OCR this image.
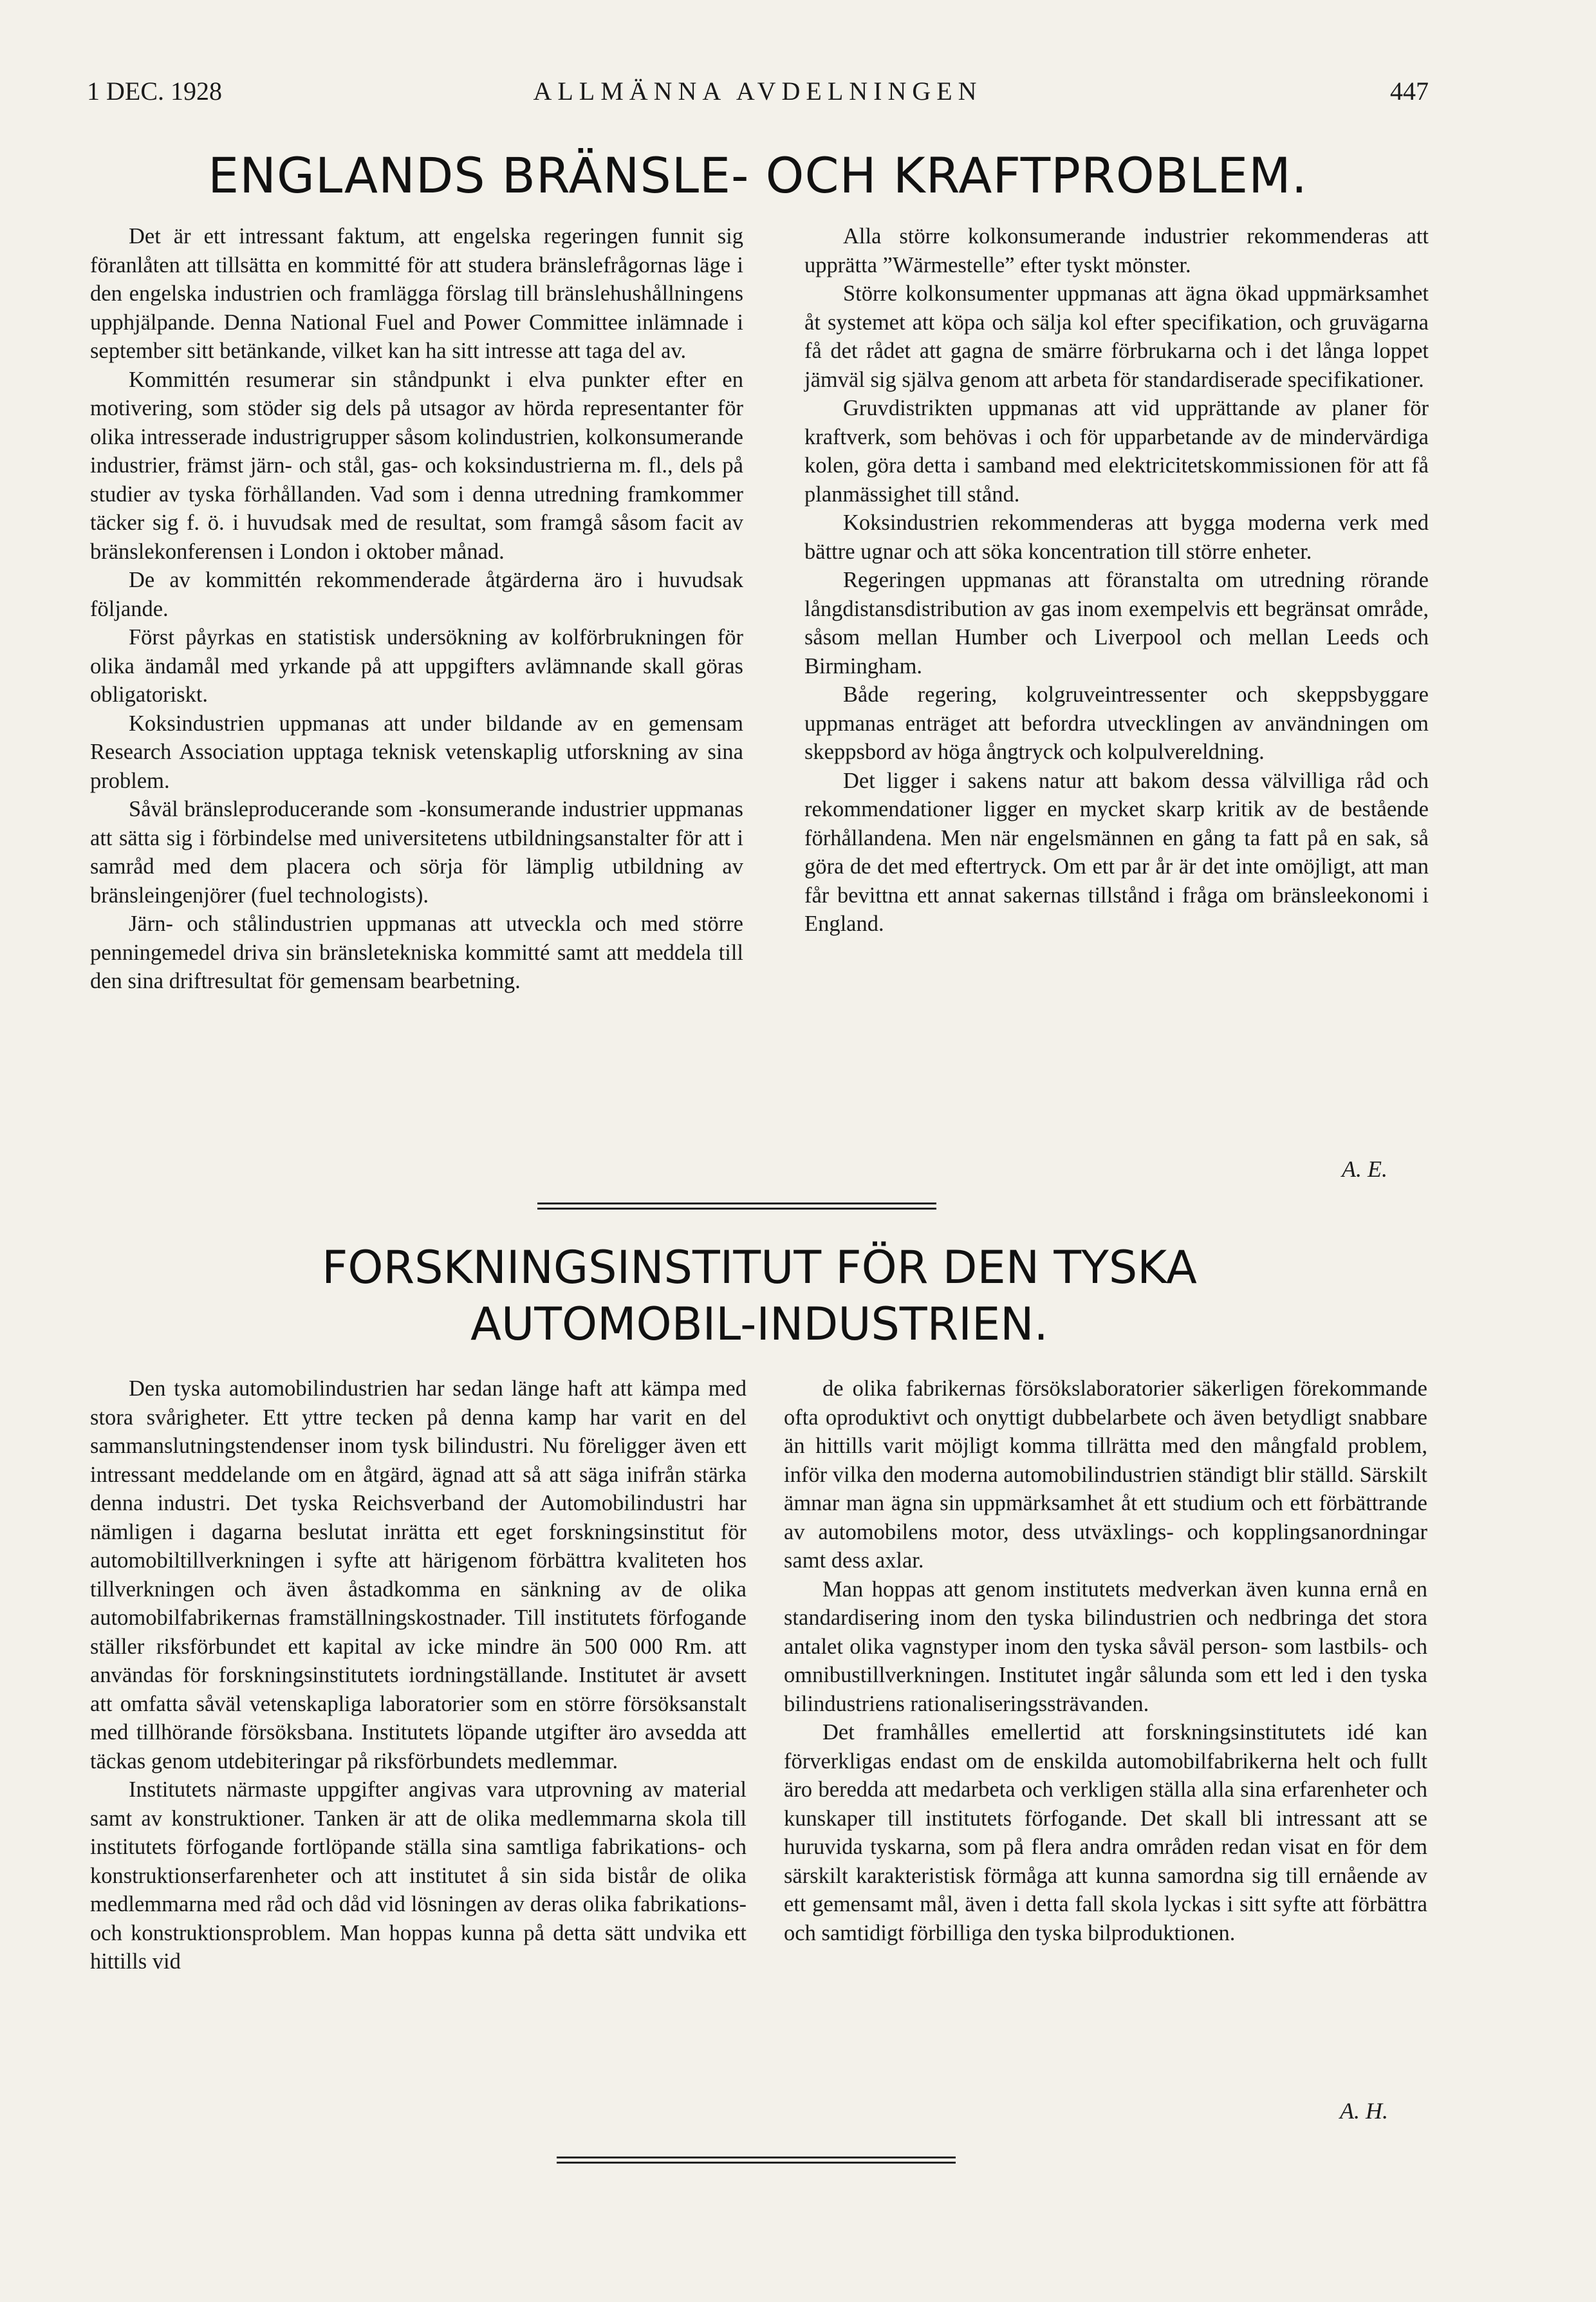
1 DEC. 1928	ALLMÄNNA AVDELNINGEN	447
ENGLANDS BRÄNSLE- OCH KRAFTPROBLEM.

Det är ett intressant faktum, att engelska regeringen funnit sig föranlåten att tillsätta en kommitté för att studera bränslefrågornas läge i den engelska industrien och framlägga förslag till bränslehushållningens upphjälpande. Denna National Fuel and Power Committee inlämnade i september sitt betänkande, vilket kan ha sitt intresse att taga del av.

Kommittén resumerar sin ståndpunkt i elva punkter efter en motivering, som stöder sig dels på utsagor av hörda representanter för olika intresserade industrigrupper såsom kolindustrien, kolkonsumerande industrier, främst järn- och stål, gas- och koksindustrierna m. fl., dels på studier av tyska förhållanden. Vad som i denna utredning framkommer täcker sig f. ö. i huvudsak med de resultat, som framgå såsom facit av bränslekonferensen i London i oktober månad.

De av kommittén rekommenderade åtgärderna äro i huvudsak följande.

Först påyrkas en statistisk undersökning av kolförbrukningen för olika ändamål med yrkande på att uppgifters avlämnande skall göras obligatoriskt.

Koksindustrien uppmanas att under bildande av en gemensam Research Association upptaga teknisk vetenskaplig utforskning av sina problem.

Såväl bränsleproducerande som -konsumerande industrier uppmanas att sätta sig i förbindelse med universitetens utbildningsanstalter för att i samråd med dem placera och sörja för lämplig utbildning av bränsleingenjörer (fuel technologists).

Järn- och stålindustrien uppmanas att utveckla och med större penningemedel driva sin bränsletekniska kommitté samt att meddela till den sina driftresultat för gemensam bearbetning.

Alla större kolkonsumerande industrier rekommenderas att upprätta ”Wärmestelle” efter tyskt mönster.

Större kolkonsumenter uppmanas att ägna ökad uppmärksamhet åt systemet att köpa och sälja kol efter specifikation, och gruvägarna få det rådet att gagna de smärre förbrukarna och i det långa loppet jämväl sig själva genom att arbeta för standardiserade specifikationer.

Gruvdistrikten uppmanas att vid upprättande av planer för kraftverk, som behövas i och för upparbetande av de mindervärdiga kolen, göra detta i samband med elektricitetskommissionen för att få planmässighet till stånd.

Koksindustrien rekommenderas att bygga moderna verk med bättre ugnar och att söka koncentration till större enheter.

Regeringen uppmanas att föranstalta om utredning rörande långdistansdistribution av gas inom exempelvis ett begränsat område, såsom mellan Humber och Liverpool och mellan Leeds och Birmingham.

Både regering, kolgruveintressenter och skeppsbyggare uppmanas enträget att befordra utvecklingen av användningen om skeppsbord av höga ångtryck och kolpulvereldning.

Det ligger i sakens natur att bakom dessa välvilliga råd och rekommendationer ligger en mycket skarp kritik av de bestående förhållandena. Men när engelsmännen en gång ta fatt på en sak, så göra de det med eftertryck. Om ett par år är det inte omöjligt, att man får bevittna ett annat sakernas tillstånd i fråga om bränsleekonomi i England.

A. E.
FORSKNINGSINSTITUT FÖR DEN TYSKA AUTOMOBIL-INDUSTRIEN.

Den tyska automobilindustrien har sedan länge haft att kämpa med stora svårigheter. Ett yttre tecken på denna kamp har varit en del sammanslutningstendenser inom tysk bilindustri. Nu föreligger även ett intressant meddelande om en åtgärd, ägnad att så att säga inifrån stärka denna industri. Det tyska Reichsverband der Automobilindustri har nämligen i dagarna beslutat inrätta ett eget forskningsinstitut för automobiltillverkningen i syfte att härigenom förbättra kvaliteten hos tillverkningen och även åstadkomma en sänkning av de olika automobilfabrikernas framställningskostnader. Till institutets förfogande ställer riksförbundet ett kapital av icke mindre än 500 000 Rm. att användas för forskningsinstitutets iordningställande. Institutet är avsett att omfatta såväl vetenskapliga laboratorier som en större försöksanstalt med tillhörande försöksbana. Institutets löpande utgifter äro avsedda att täckas genom utdebiteringar på riksförbundets medlemmar.

Institutets närmaste uppgifter angivas vara utprovning av material samt av konstruktioner. Tanken är att de olika medlemmarna skola till institutets förfogande fortlöpande ställa sina samtliga fabrikations- och konstruktionserfarenheter och att institutet å sin sida bistår de olika medlemmarna med råd och dåd vid lösningen av deras olika fabrikations- och konstruktionsproblem. Man hoppas kunna på detta sätt undvika ett hittills vid

de olika fabrikernas försökslaboratorier säkerligen förekommande ofta oproduktivt och onyttigt dubbelarbete och även betydligt snabbare än hittills varit möjligt komma tillrätta med den mångfald problem, inför vilka den moderna automobilindustrien ständigt blir ställd. Särskilt ämnar man ägna sin uppmärksamhet åt ett studium och ett förbättrande av automobilens motor, dess utväxlings- och kopplingsanordningar samt dess axlar.

Man hoppas att genom institutets medverkan även kunna ernå en standardisering inom den tyska bilindustrien och nedbringa det stora antalet olika vagnstyper inom den tyska såväl person- som lastbils- och omnibustillverkningen. Institutet ingår sålunda som ett led i den tyska bilindustriens rationaliseringssträvanden.

Det framhålles emellertid att forskningsinstitutets idé kan förverkligas endast om de enskilda automobilfabrikerna helt och fullt äro beredda att medarbeta och verkligen ställa alla sina erfarenheter och kunskaper till institutets förfogande. Det skall bli intressant att se huruvida tyskarna, som på flera andra områden redan visat en för dem särskilt karakteristisk förmåga att kunna samordna sig till ernående av ett gemensamt mål, även i detta fall skola lyckas i sitt syfte att förbättra och samtidigt förbilliga den tyska bilproduktionen.

A. H.
